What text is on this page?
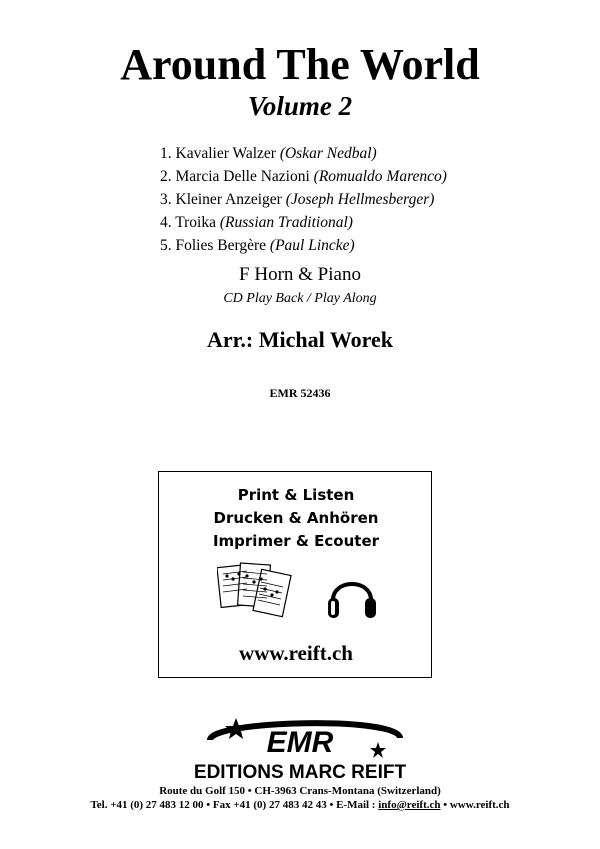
Around The World
Volume 2
1. Kavalier Walzer (Oskar Nedbal)
2. Marcia Delle Nazioni (Romualdo Marenco)
3. Kleiner Anzeiger (Joseph Hellmesberger)
4. Troika (Russian Traditional)
5. Folies Bergère (Paul Lincke)
F Horn & Piano
CD Play Back / Play Along
Arr.: Michal Worek
EMR 52436
Print & Listen
Drucken & Anhören
Imprimer & Ecouter
www.reift.ch
EMR
EDITIONS MARC REIFT
Route du Golf 150 • CH-3963 Crans-Montana (Switzerland)
Tel. +41 (0) 27 483 12 00 • Fax +41 (0) 27 483 42 43 • E-Mail : info@reift.ch • www.reift.ch
